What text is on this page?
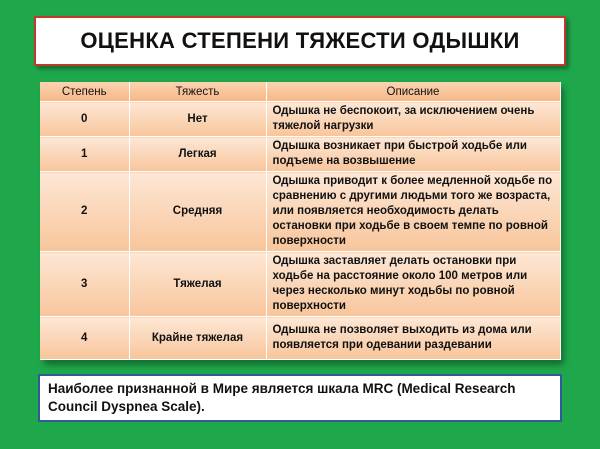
ОЦЕНКА СТЕПЕНИ ТЯЖЕСТИ ОДЫШКИ
Степень	Тяжесть	Описание
0	Нет	Одышка не беспокоит, за исключением очень тяжелой нагрузки
1	Легкая	Одышка возникает при быстрой ходьбе или подъеме на возвышение
2	Средняя	Одышка приводит к более медленной ходьбе по сравнению с другими людьми того же возраста, или появляется необходимость делать остановки при ходьбе в своем темпе по ровной поверхности
3	Тяжелая	Одышка заставляет делать остановки при ходьбе на расстояние около 100 метров или через несколько минут ходьбы по ровной поверхности
4	Крайне тяжелая	Одышка не позволяет выходить из дома или появляется при одевании раздевании
Наиболее признанной в Мире является шкала MRC (Medical Research Council Dyspnea Scale).
